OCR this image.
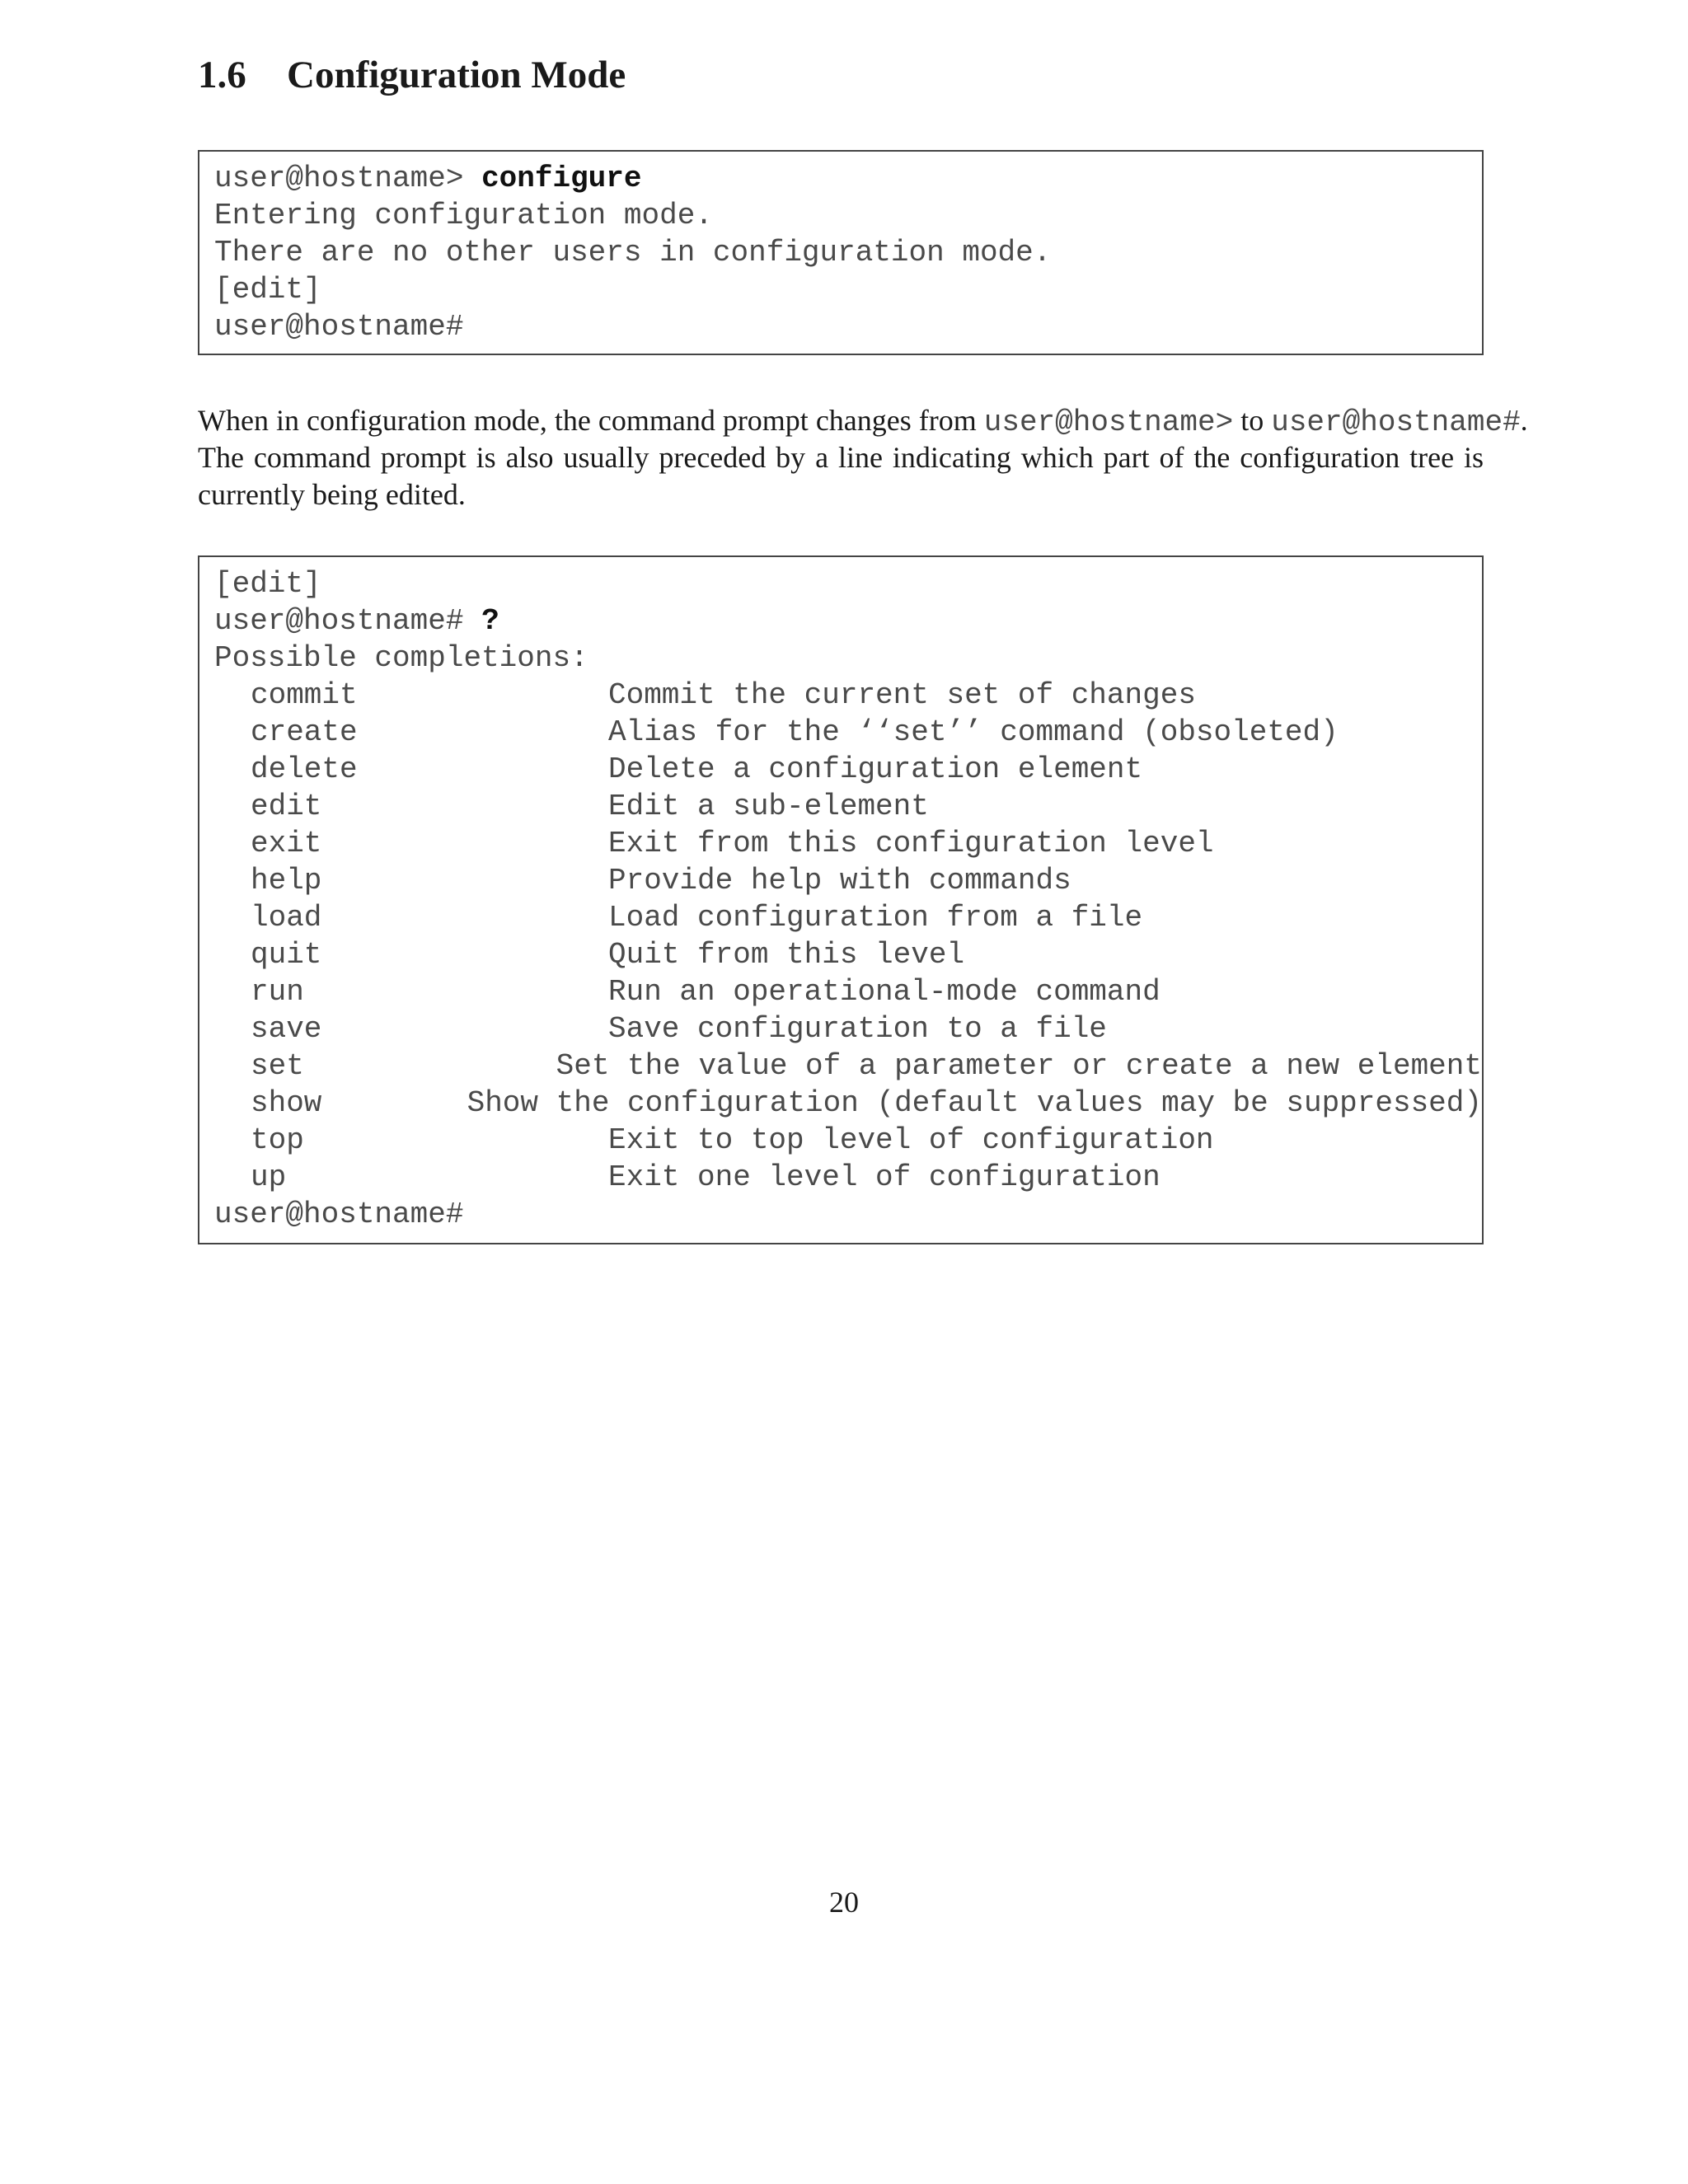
1.6 Configuration Mode
user@hostname> configure
Entering configuration mode.
There are no other users in configuration mode.
[edit]
user@hostname#
When in configuration mode, the command prompt changes from user@hostname> to user@hostname#.
The command prompt is also usually preceded by a line indicating which part of the configuration tree is
currently being edited.
[edit]
user@hostname# ?
Possible completions:
commit	Commit the current set of changes
create	Alias for the ‘‘set’’ command (obsoleted)
delete	Delete a configuration element
edit	Edit a sub-element
exit	Exit from this configuration level
help	Provide help with commands
load	Load configuration from a file
quit	Quit from this level
run	Run an operational-mode command
save	Save configuration to a file
set	Set the value of a parameter or create a new element
show	Show the configuration (default values may be suppressed)
top	Exit to top level of configuration
up	Exit one level of configuration
user@hostname#
20
